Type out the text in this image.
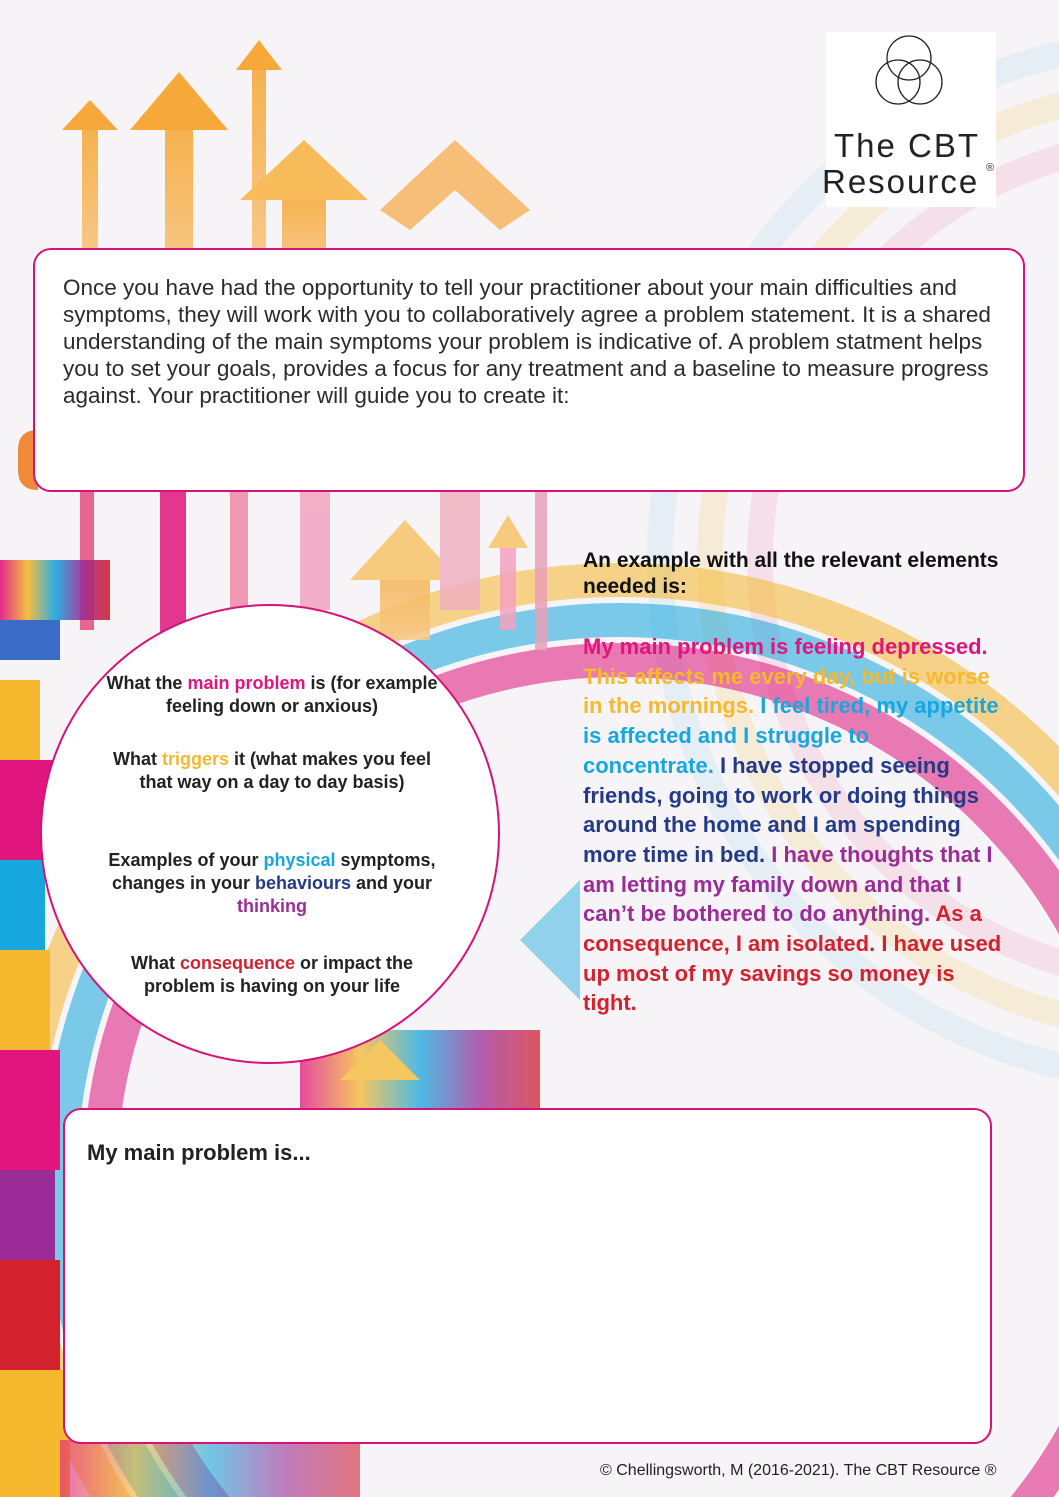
The CBT
Resource ®

Once you have had the opportunity to tell your practitioner about your main difficulties and symptoms, they will work with you to collaboratively agree a problem statement. It is a shared understanding of the main symptoms your problem is indicative of. A problem statment helps you to set your goals, provides a focus for any treatment and a baseline to measure progress against. Your practitioner will guide you to create it:

What the main problem is (for example feeling down or anxious)
What triggers it (what makes you feel that way on a day to day basis)
Examples of your physical symptoms, changes in your behaviours and your thinking
What consequence or impact the problem is having on your life
An example with all the relevant elements needed is:

My main problem is feeling depressed. This affects me every day, but is worse in the mornings. I feel tired, my appetite is affected and I struggle to concentrate. I have stopped seeing friends, going to work or doing things around the home and I am spending more time in bed. I have thoughts that I am letting my family down and that I can’t be bothered to do anything. As a consequence, I am isolated. I have used up most of my savings so money is tight.

My main problem is...
© Chellingsworth, M (2016-2021). The CBT Resource ®
